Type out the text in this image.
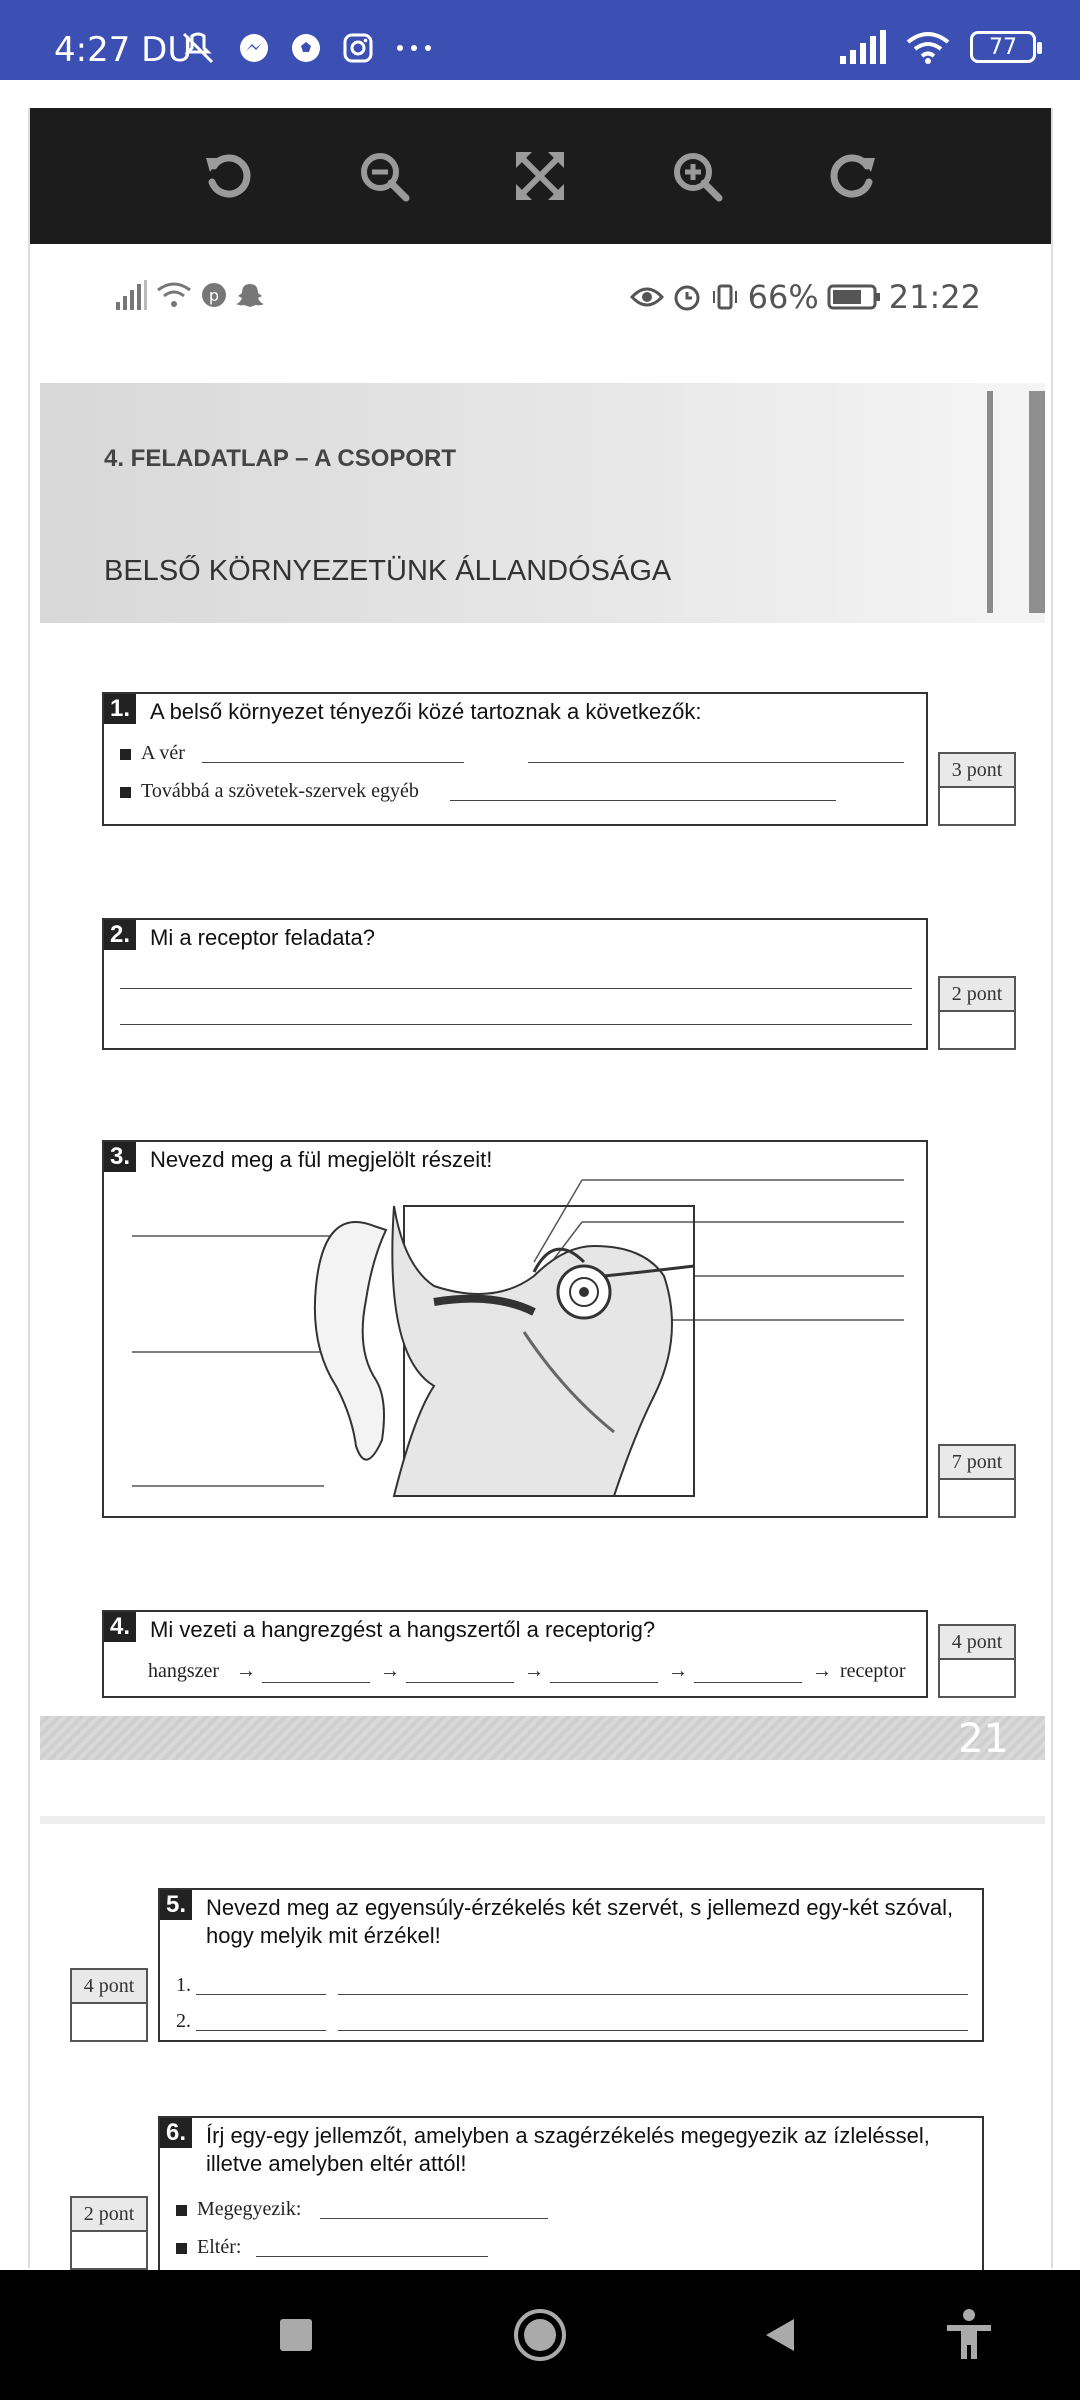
4:27 DU	77
p	66% 21:22
4. FELADATLAP – A CSOPORT
BELSŐ KÖRNYEZETÜNK ÁLLANDÓSÁGA
1. A belső környezet tényezői közé tartoznak a következők:
A vér
Továbbá a szövetek-szervek egyéb
3 pont
2. Mi a receptor feladata?
2 pont
3. Nevezd meg a fül megjelölt részeit!
7 pont
4. Mi vezeti a hangrezgést a hangszertől a receptorig?
hangszer →	→	→	→	→ receptor
4 pont
21
4 pont
5. Nevezd meg az egyensúly-érzékelés két szervét, s jellemezd egy-két szóval, hogy melyik mit érzékel!
1.
2.
2 pont
6. Írj egy-egy jellemzőt, amelyben a szagérzékelés megegyezik az ízleléssel, illetve amelyben eltér attól!
Megegyezik:
Eltér:
